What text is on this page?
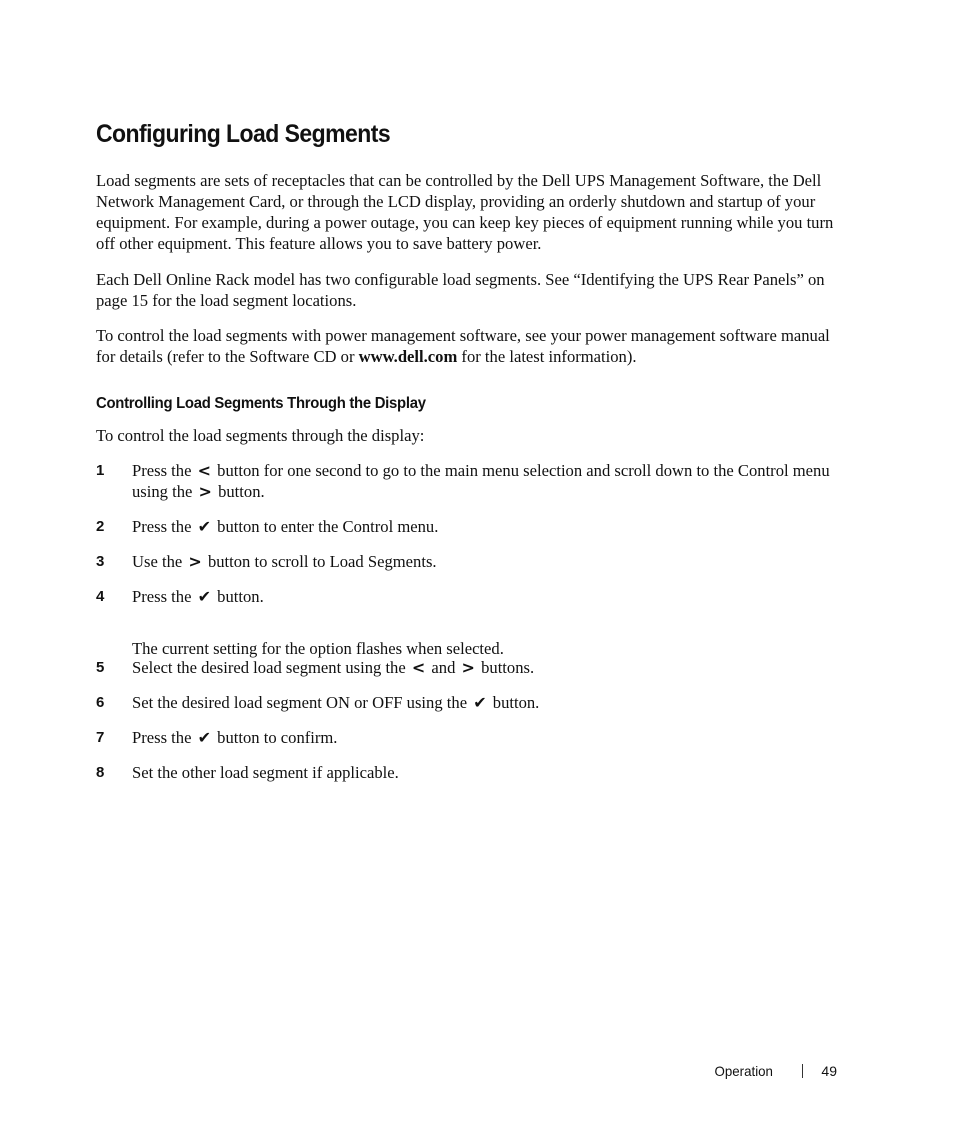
Configuring Load Segments

Load segments are sets of receptacles that can be controlled by the Dell UPS Management Software, the Dell Network Management Card, or through the LCD display, providing an orderly shutdown and startup of your equipment. For example, during a power outage, you can keep key pieces of equipment running while you turn off other equipment. This feature allows you to save battery power.

Each Dell Online Rack model has two configurable load segments. See “Identifying the UPS Rear Panels” on page 15 for the load segment locations.

To control the load segments with power management software, see your power management software manual for details (refer to the Software CD or www.dell.com for the latest information).

Controlling Load Segments Through the Display

To control the load segments through the display:

1 Press the < button for one second to go to the main menu selection and scroll down to the Control menu using the > button.
2 Press the ✔ button to enter the Control menu.
3 Use the > button to scroll to Load Segments.
4 Press the ✔ button.

The current setting for the option flashes when selected.

5 Select the desired load segment using the < and > buttons.
6 Set the desired load segment ON or OFF using the ✔ button.
7 Press the ✔ button to confirm.
8 Set the other load segment if applicable.
Operation	49
